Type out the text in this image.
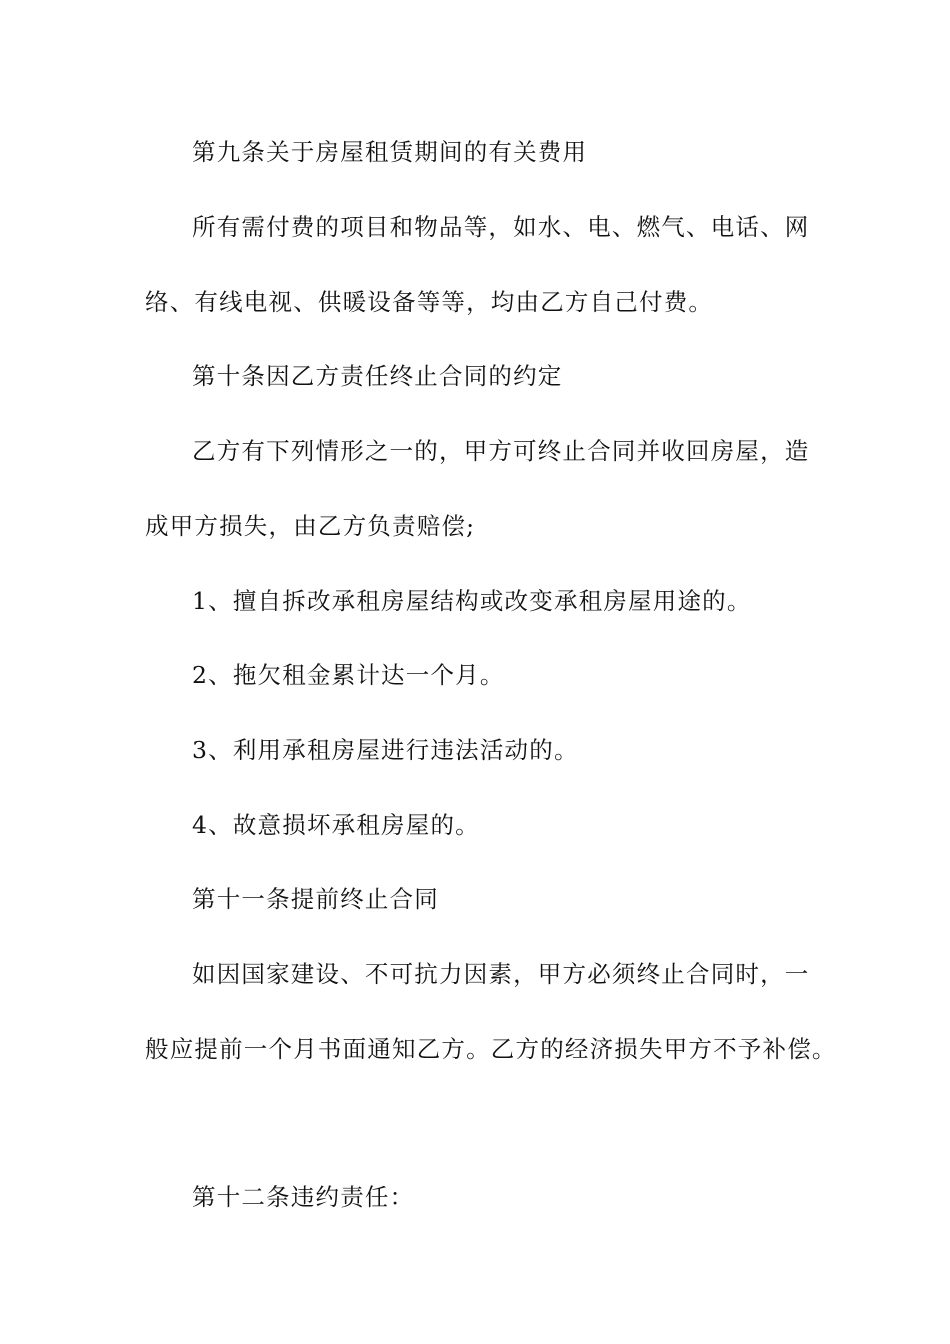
第九条关于房屋租赁期间的有关费用
所有需付费的项目和物品等，如水、电、燃气、电话、网
络、有线电视、供暖设备等等，均由乙方自己付费。
第十条因乙方责任终止合同的约定
乙方有下列情形之一的，甲方可终止合同并收回房屋，造
成甲方损失，由乙方负责赔偿;
1、擅自拆改承租房屋结构或改变承租房屋用途的。
2、拖欠租金累计达一个月。
3、利用承租房屋进行违法活动的。
4、故意损坏承租房屋的。
第十一条提前终止合同
如因国家建设、不可抗力因素，甲方必须终止合同时，一
般应提前一个月书面通知乙方。乙方的经济损失甲方不予补偿。
第十二条违约责任：
